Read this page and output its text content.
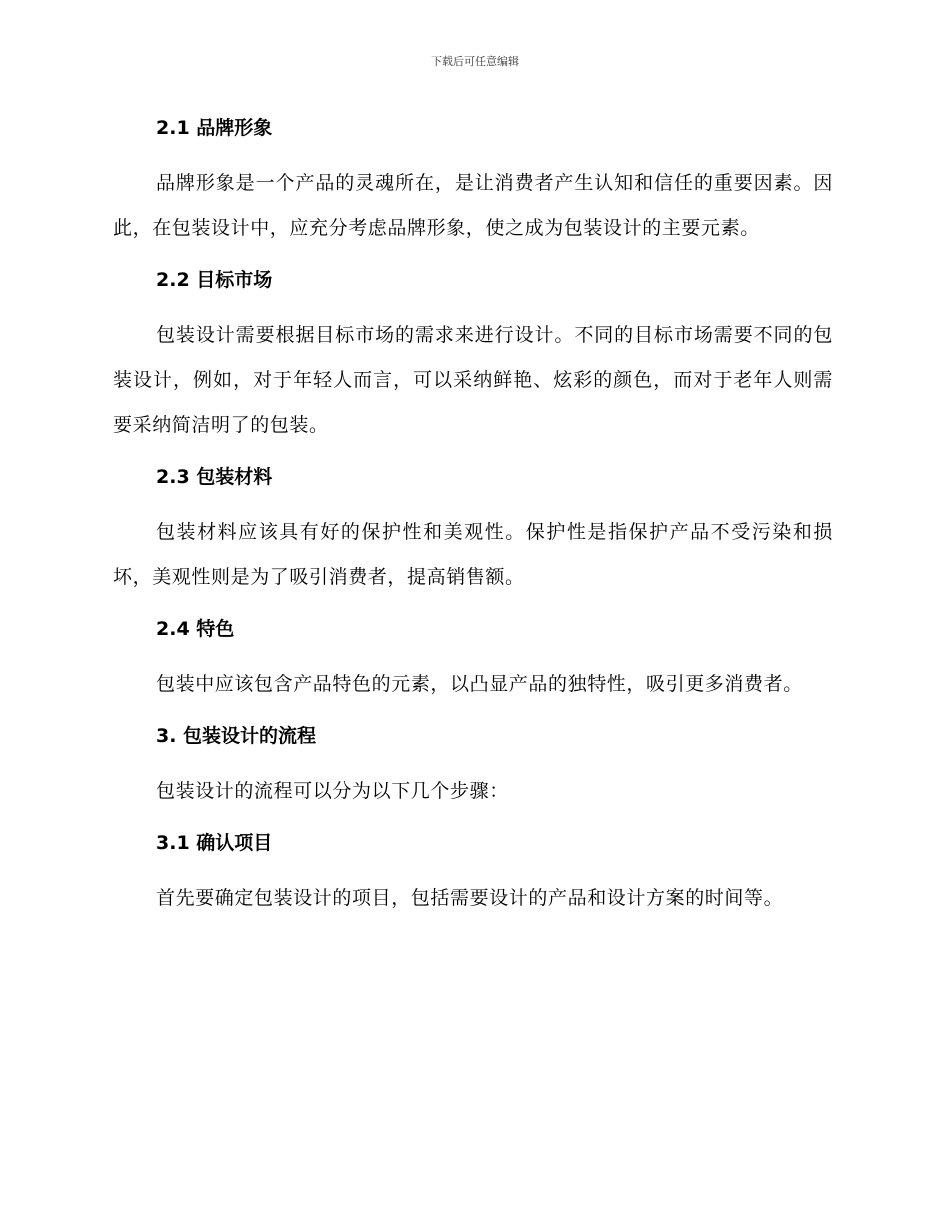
下载后可任意编辑
2.1 品牌形象
品牌形象是一个产品的灵魂所在，是让消费者产生认知和信任的重要因素。因此，在包装设计中，应充分考虑品牌形象，使之成为包装设计的主要元素。
2.2 目标市场
包装设计需要根据目标市场的需求来进行设计。不同的目标市场需要不同的包装设计，例如，对于年轻人而言，可以采纳鲜艳、炫彩的颜色，而对于老年人则需要采纳简洁明了的包装。
2.3 包装材料
包装材料应该具有好的保护性和美观性。保护性是指保护产品不受污染和损坏，美观性则是为了吸引消费者，提高销售额。
2.4 特色
包装中应该包含产品特色的元素，以凸显产品的独特性，吸引更多消费者。
3. 包装设计的流程
包装设计的流程可以分为以下几个步骤：
3.1 确认项目
首先要确定包装设计的项目，包括需要设计的产品和设计方案的时间等。
